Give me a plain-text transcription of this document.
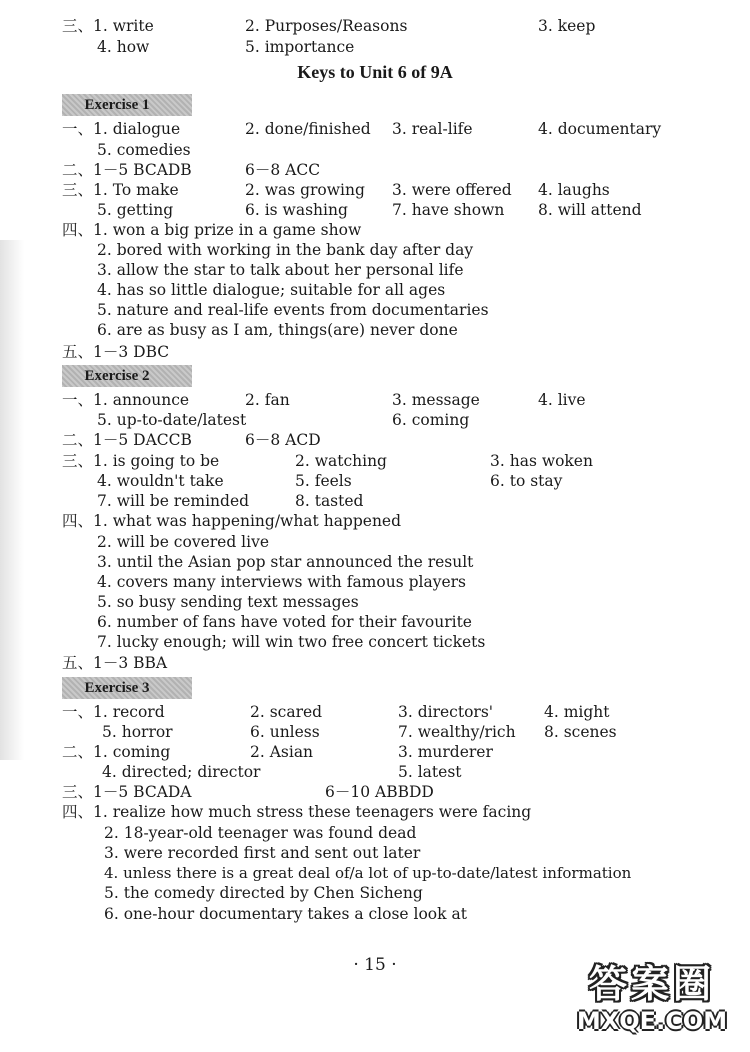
三、1. write	2. Purposes/Reasons	3. keep
4. how	5. importance
Keys to Unit 6 of 9A
Exercise 1
一、1. dialogue	2. done/finished 3. real-life	4. documentary
5. comedies
二、1－5 BCADB	6－8 ACC
三、1. To make	2. was growing 3. were offered 4. laughs
5. getting	6. is washing	7. have shown 8. will attend
四、1. won a big prize in a game show
2. bored with working in the bank day after day
3. allow the star to talk about her personal life
4. has so little dialogue; suitable for all ages
5. nature and real-life events from documentaries
6. are as busy as I am, things(are) never done
五、1－3 DBC
Exercise 2
一、1. announce	2. fan	3. message	4. live
5. up-to-date/latest	6. coming
二、1－5 DACCB	6－8 ACD
三、1. is going to be	2. watching	3. has woken
4. wouldn't take	5. feels	6. to stay
7. will be reminded	8. tasted
四、1. what was happening/what happened
2. will be covered live
3. until the Asian pop star announced the result
4. covers many interviews with famous players
5. so busy sending text messages
6. number of fans have voted for their favourite
7. lucky enough; will win two free concert tickets
五、1－3 BBA
Exercise 3
一、1. record	2. scared	3. directors'	4. might
5. horror	6. unless	7. wealthy/rich 8. scenes
二、1. coming	2. Asian	3. murderer
4. directed; director	5. latest
三、1－5 BCADA	6－10 ABBDD
四、1. realize how much stress these teenagers were facing
2. 18-year-old teenager was found dead
3. were recorded first and sent out later
4. unless there is a great deal of/a lot of up-to-date/latest information
5. the comedy directed by Chen Sicheng
6. one-hour documentary takes a close look at
· 15 ·	答案圈
MXQE.COM
